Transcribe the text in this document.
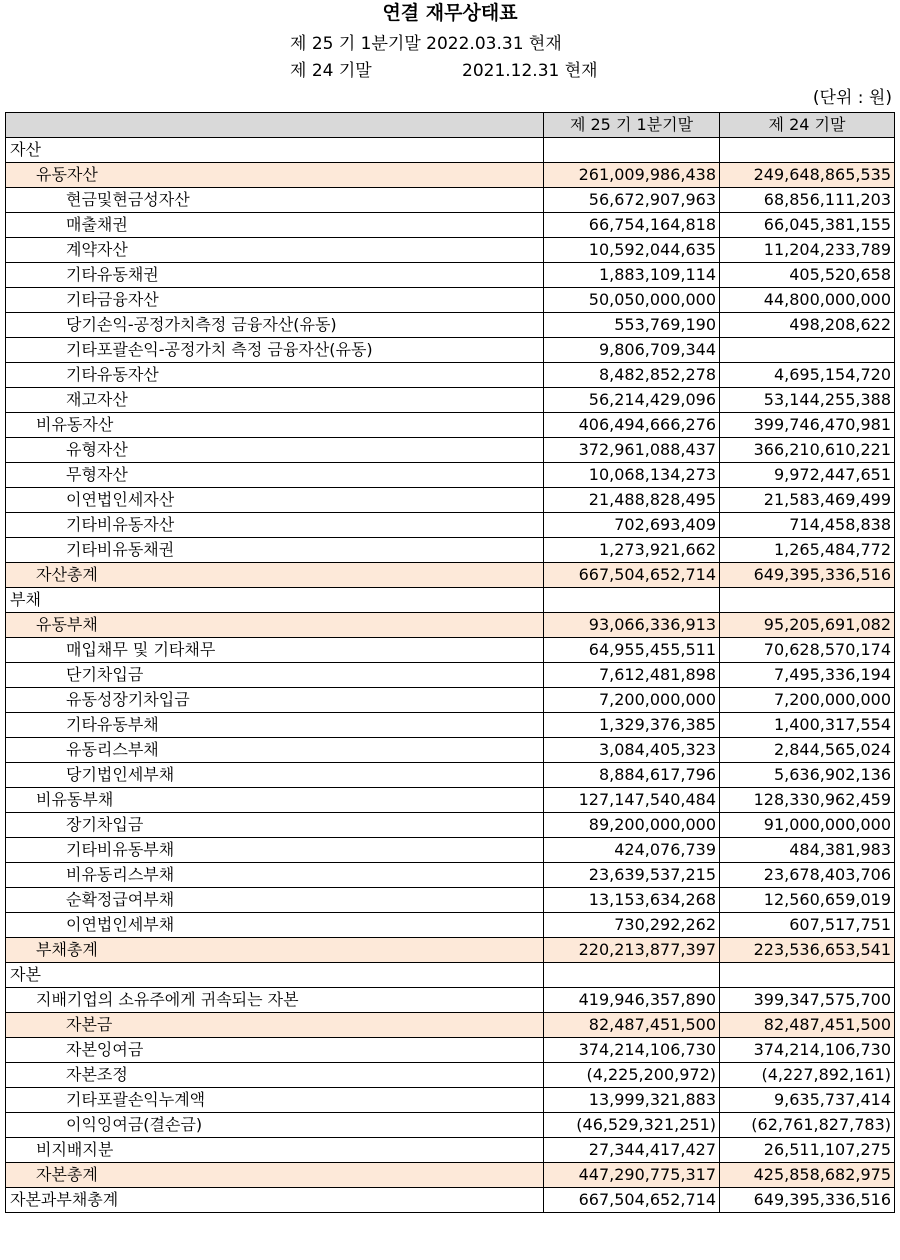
연결 재무상태표
제 25 기 1분기말 2022.03.31 현재
제 24 기말	2021.12.31 현재
(단위 : 원)
	제 25 기 1분기말	제 24 기말
자산		
유동자산	261,009,986,438	249,648,865,535
현금및현금성자산	56,672,907,963	68,856,111,203
매출채권	66,754,164,818	66,045,381,155
계약자산	10,592,044,635	11,204,233,789
기타유동채권	1,883,109,114	405,520,658
기타금융자산	50,050,000,000	44,800,000,000
당기손익-공정가치측정 금융자산(유동)	553,769,190	498,208,622
기타포괄손익-공정가치 측정 금융자산(유동)	9,806,709,344	
기타유동자산	8,482,852,278	4,695,154,720
재고자산	56,214,429,096	53,144,255,388
비유동자산	406,494,666,276	399,746,470,981
유형자산	372,961,088,437	366,210,610,221
무형자산	10,068,134,273	9,972,447,651
이연법인세자산	21,488,828,495	21,583,469,499
기타비유동자산	702,693,409	714,458,838
기타비유동채권	1,273,921,662	1,265,484,772
자산총계	667,504,652,714	649,395,336,516
부채		
유동부채	93,066,336,913	95,205,691,082
매입채무 및 기타채무	64,955,455,511	70,628,570,174
단기차입금	7,612,481,898	7,495,336,194
유동성장기차입금	7,200,000,000	7,200,000,000
기타유동부채	1,329,376,385	1,400,317,554
유동리스부채	3,084,405,323	2,844,565,024
당기법인세부채	8,884,617,796	5,636,902,136
비유동부채	127,147,540,484	128,330,962,459
장기차입금	89,200,000,000	91,000,000,000
기타비유동부채	424,076,739	484,381,983
비유동리스부채	23,639,537,215	23,678,403,706
순확정급여부채	13,153,634,268	12,560,659,019
이연법인세부채	730,292,262	607,517,751
부채총계	220,213,877,397	223,536,653,541
자본		
지배기업의 소유주에게 귀속되는 자본	419,946,357,890	399,347,575,700
자본금	82,487,451,500	82,487,451,500
자본잉여금	374,214,106,730	374,214,106,730
자본조정	(4,225,200,972)	(4,227,892,161)
기타포괄손익누계액	13,999,321,883	9,635,737,414
이익잉여금(결손금)	(46,529,321,251)	(62,761,827,783)
비지배지분	27,344,417,427	26,511,107,275
자본총계	447,290,775,317	425,858,682,975
자본과부채총계	667,504,652,714	649,395,336,516
